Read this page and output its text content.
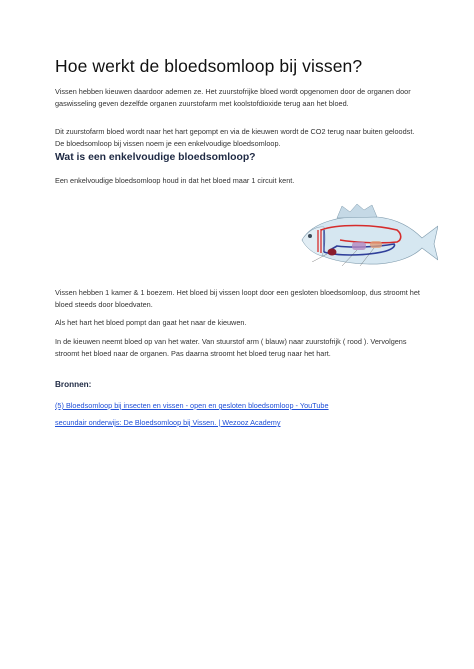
Hoe werkt de bloedsomloop bij vissen?

Vissen hebben kieuwen daardoor ademen ze. Het zuurstofrijke bloed wordt opgenomen door de organen door gaswisseling geven dezelfde organen zuurstofarm met koolstofdioxide terug aan het bloed.

Dit zuurstofarm bloed wordt naar het hart gepompt en via de kieuwen wordt de CO2 terug naar buiten geloodst. De bloedsomloop bij vissen noem je een enkelvoudige bloedsomloop.

Wat is een enkelvoudige bloedsomloop?

Een enkelvoudige bloedsomloop houd in dat het bloed maar 1 circuit kent.

Vissen hebben 1 kamer & 1 boezem. Het bloed bij vissen loopt door een gesloten bloedsomloop, dus stroomt het bloed steeds door bloedvaten.

Als het hart het bloed pompt dan gaat het naar de kieuwen.

In de kieuwen neemt bloed op van het water. Van stuurstof arm ( blauw) naar zuurstofrijk ( rood ). Vervolgens stroomt het bloed naar de organen. Pas daarna stroomt het bloed terug naar het hart.

Bronnen:
(5) Bloedsomloop bij insecten en vissen - open en gesloten bloedsomloop - YouTube
secundair onderwijs: De Bloedsomloop bij Vissen. | Wezooz Academy
